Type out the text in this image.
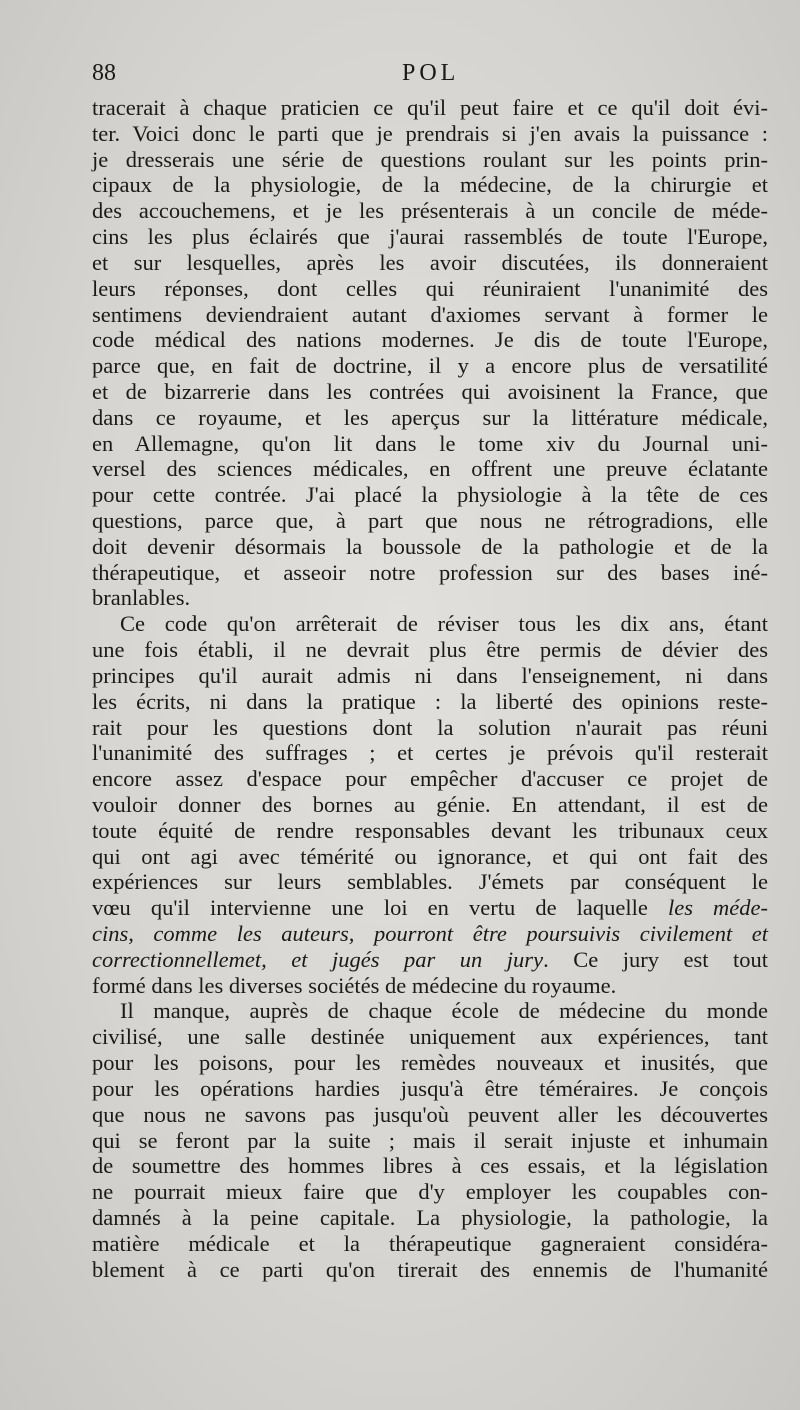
88	POL
tracerait à chaque praticien ce qu'il peut faire et ce qu'il doit évi-
ter. Voici donc le parti que je prendrais si j'en avais la puissance :
je dresserais une série de questions roulant sur les points prin-
cipaux de la physiologie, de la médecine, de la chirurgie et
des accouchemens, et je les présenterais à un concile de méde-
cins les plus éclairés que j'aurai rassemblés de toute l'Europe,
et sur lesquelles, après les avoir discutées, ils donneraient
leurs réponses, dont celles qui réuniraient l'unanimité des
sentimens deviendraient autant d'axiomes servant à former le
code médical des nations modernes. Je dis de toute l'Europe,
parce que, en fait de doctrine, il y a encore plus de versatilité
et de bizarrerie dans les contrées qui avoisinent la France, que
dans ce royaume, et les aperçus sur la littérature médicale,
en Allemagne, qu'on lit dans le tome xiv du Journal uni-
versel des sciences médicales, en offrent une preuve éclatante
pour cette contrée. J'ai placé la physiologie à la tête de ces
questions, parce que, à part que nous ne rétrogradions, elle
doit devenir désormais la boussole de la pathologie et de la
thérapeutique, et asseoir notre profession sur des bases iné-
branlables.
Ce code qu'on arrêterait de réviser tous les dix ans, étant
une fois établi, il ne devrait plus être permis de dévier des
principes qu'il aurait admis ni dans l'enseignement, ni dans
les écrits, ni dans la pratique : la liberté des opinions reste-
rait pour les questions dont la solution n'aurait pas réuni
l'unanimité des suffrages ; et certes je prévois qu'il resterait
encore assez d'espace pour empêcher d'accuser ce projet de
vouloir donner des bornes au génie. En attendant, il est de
toute équité de rendre responsables devant les tribunaux ceux
qui ont agi avec témérité ou ignorance, et qui ont fait des
expériences sur leurs semblables. J'émets par conséquent le
vœu qu'il intervienne une loi en vertu de laquelle les méde-
cins, comme les auteurs, pourront être poursuivis civilement et
correctionnellemet, et jugés par un jury. Ce jury est tout
formé dans les diverses sociétés de médecine du royaume.
Il manque, auprès de chaque école de médecine du monde
civilisé, une salle destinée uniquement aux expériences, tant
pour les poisons, pour les remèdes nouveaux et inusités, que
pour les opérations hardies jusqu'à être téméraires. Je conçois
que nous ne savons pas jusqu'où peuvent aller les découvertes
qui se feront par la suite ; mais il serait injuste et inhumain
de soumettre des hommes libres à ces essais, et la législation
ne pourrait mieux faire que d'y employer les coupables con-
damnés à la peine capitale. La physiologie, la pathologie, la
matière médicale et la thérapeutique gagneraient considéra-
blement à ce parti qu'on tirerait des ennemis de l'humanité
